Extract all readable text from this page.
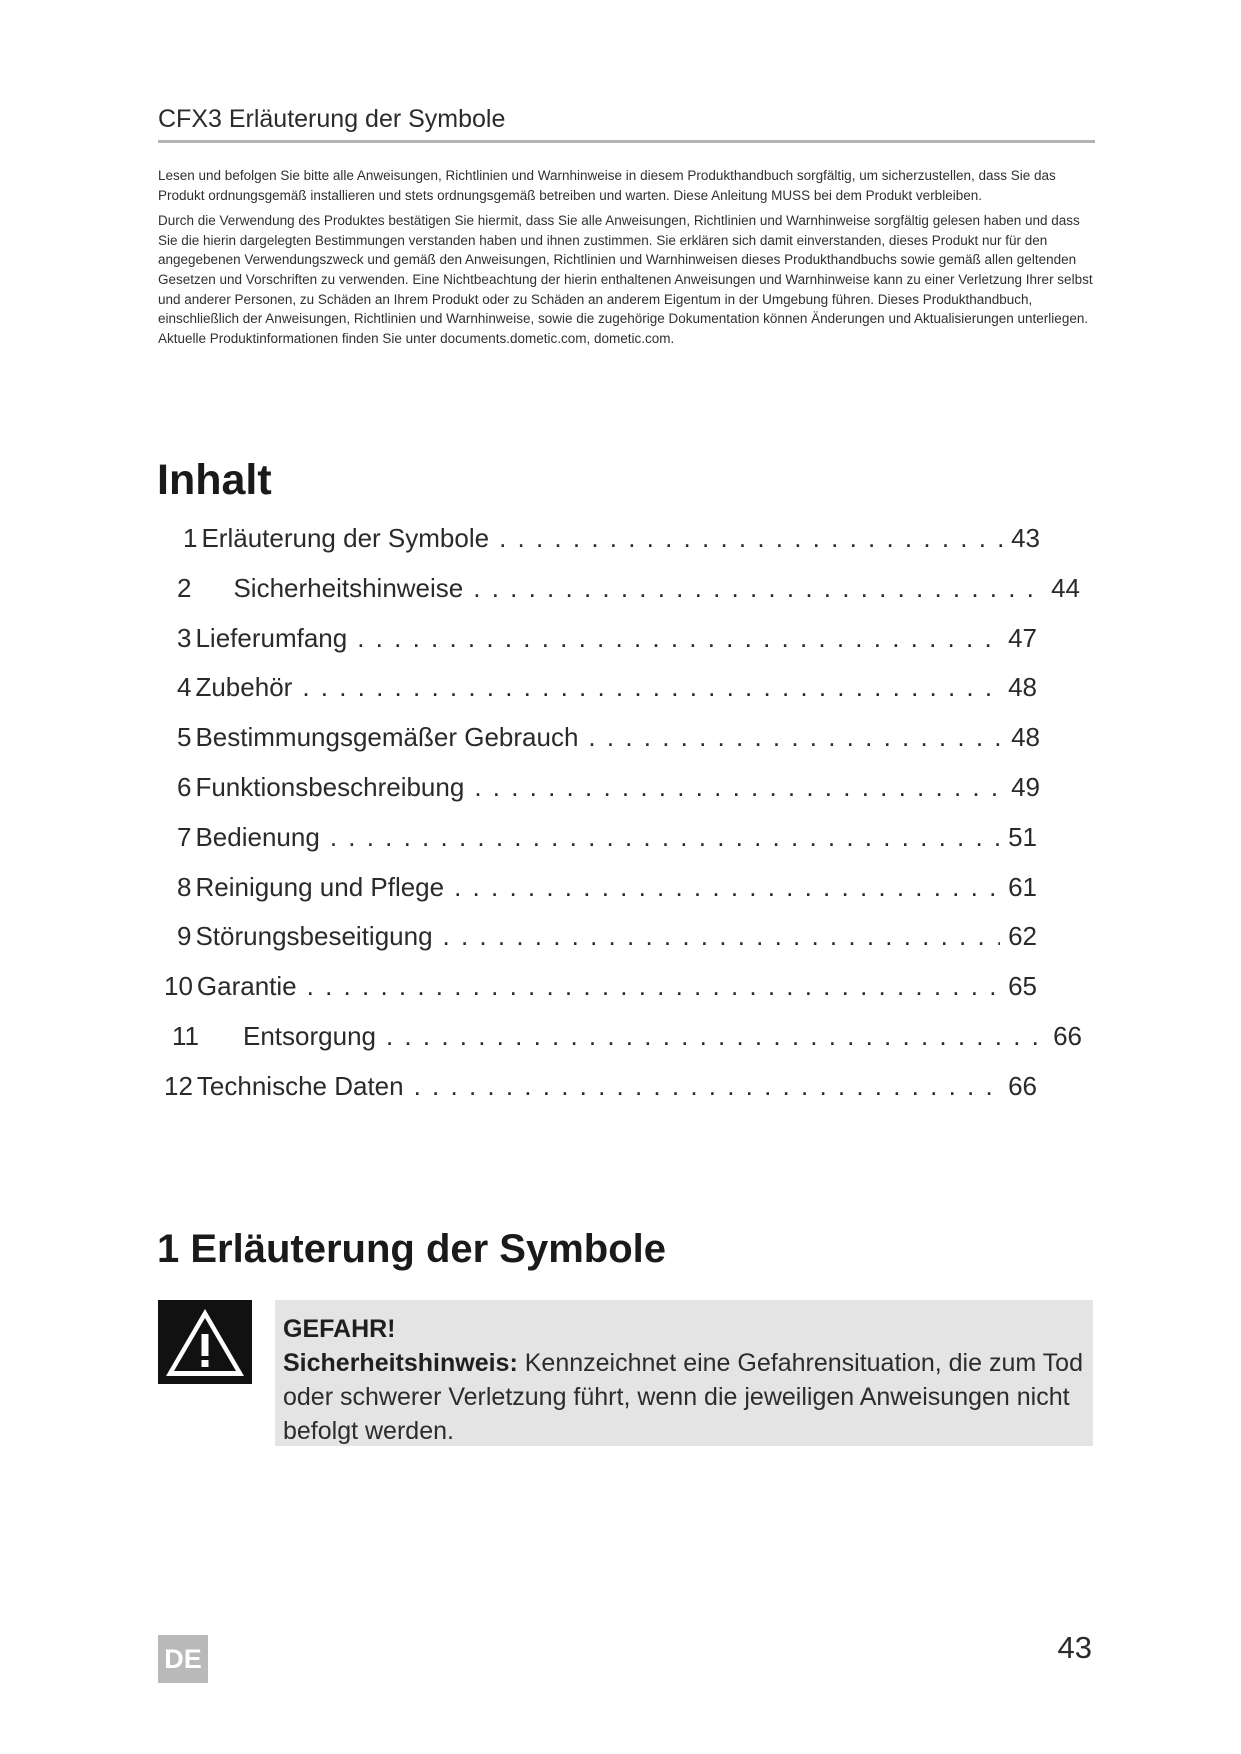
CFX3 Erläuterung der Symbole

Lesen und befolgen Sie bitte alle Anweisungen, Richtlinien und Warnhinweise in diesem Produkthandbuch sorgfältig, um sicherzustellen, dass Sie das Produkt ordnungsgemäß installieren und stets ordnungsgemäß betreiben und warten. Diese Anleitung MUSS bei dem Produkt verbleiben.

Durch die Verwendung des Produktes bestätigen Sie hiermit, dass Sie alle Anweisungen, Richtlinien und Warnhinweise sorgfältig gelesen haben und dass Sie die hierin dargelegten Bestimmungen verstanden haben und ihnen zustimmen. Sie erklären sich damit einverstanden, dieses Produkt nur für den angegebenen Verwendungszweck und gemäß den Anweisungen, Richtlinien und Warnhinweisen dieses Produkthandbuchs sowie gemäß allen geltenden Gesetzen und Vorschriften zu verwenden. Eine Nichtbeachtung der hierin enthaltenen Anweisungen und Warnhinweise kann zu einer Verletzung Ihrer selbst und anderer Personen, zu Schäden an Ihrem Produkt oder zu Schäden an anderem Eigentum in der Umgebung führen. Dieses Produkthandbuch, einschließlich der Anweisungen, Richtlinien und Warnhinweise, sowie die zugehörige Dokumentation können Änderungen und Aktualisierungen unterliegen. Aktuelle Produktinformationen finden Sie unter documents.dometic.com, dometic.com.

Inhalt
1 Erläuterung der Symbole . . .	43
2 Sicherheitshinweise . . .	44
3 Lieferumfang . . .	47
4 Zubehör . . .	48
5 Bestimmungsgemäßer Gebrauch . . .	48
6 Funktionsbeschreibung . . .	49
7 Bedienung . . .	51
8 Reinigung und Pflege . . .	61
9 Störungsbeseitigung . . .	62
10 Garantie . . .	65
11 Entsorgung . . .	66
12 Technische Daten . . .	66
1 Erläuterung der Symbole
GEFAHR!
Sicherheitshinweis: Kennzeichnet eine Gefahrensituation, die zum Tod oder schwerer Verletzung führt, wenn die jeweiligen Anweisungen nicht befolgt werden.
DE	43
